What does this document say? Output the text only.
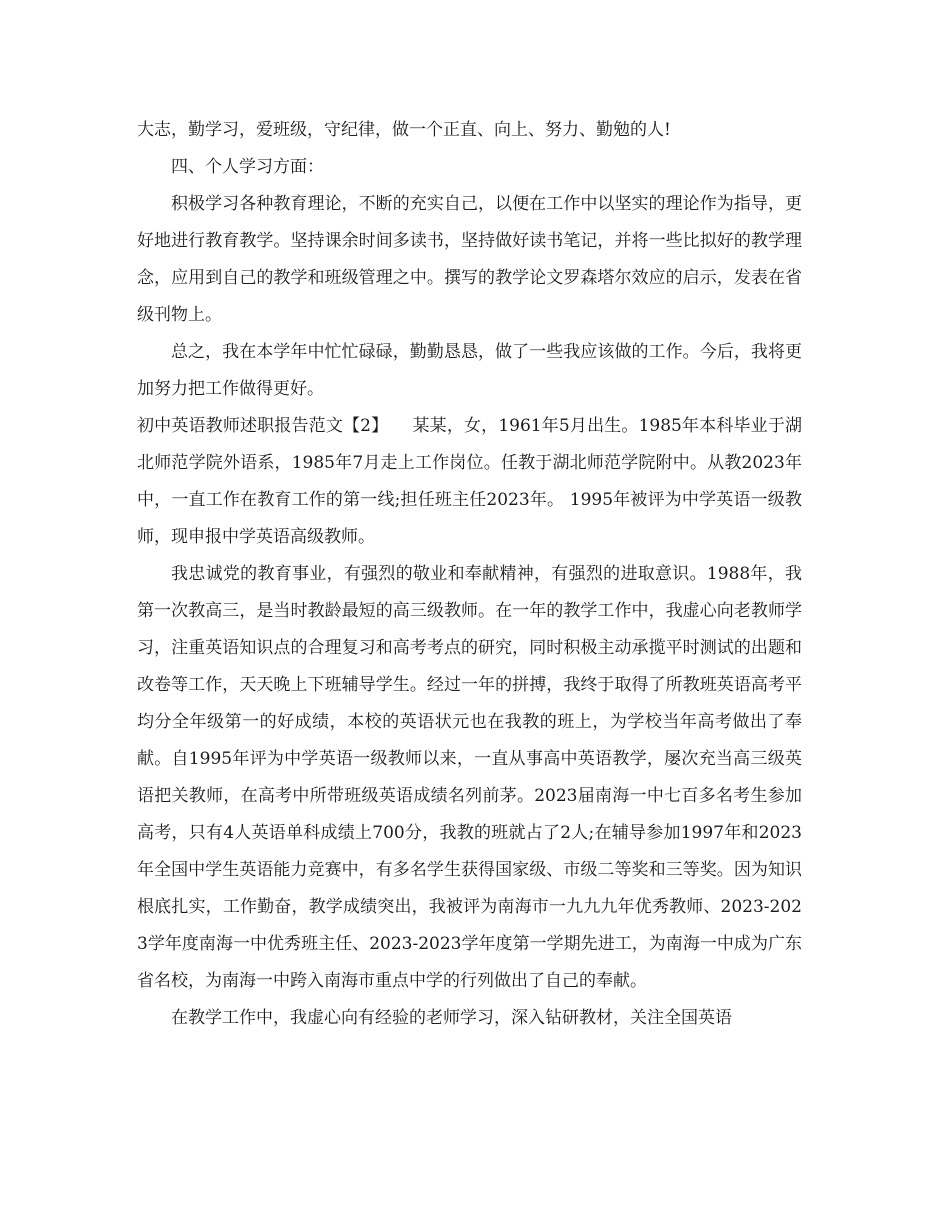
大志，勤学习，爱班级，守纪律，做一个正直、向上、努力、勤勉的人!

四、个人学习方面：

积极学习各种教育理论，不断的充实自己，以便在工作中以坚实的理论作为指导，更好地进行教育教学。坚持课余时间多读书，坚持做好读书笔记，并将一些比拟好的教学理念，应用到自己的教学和班级管理之中。撰写的教学论文罗森塔尔效应的启示，发表在省级刊物上。

总之，我在本学年中忙忙碌碌，勤勤恳恳，做了一些我应该做的工作。今后，我将更加努力把工作做得更好。

初中英语教师述职报告范文【2】 某某，女，1961年5月出生。1985年本科毕业于湖北师范学院外语系，1985年7月走上工作岗位。任教于湖北师范学院附中。从教2023年中，一直工作在教育工作的第一线;担任班主任2023年。 1995年被评为中学英语一级教师，现申报中学英语高级教师。

我忠诚党的教育事业，有强烈的敬业和奉献精神，有强烈的进取意识。1988年，我第一次教高三，是当时教龄最短的高三级教师。在一年的教学工作中，我虚心向老教师学习，注重英语知识点的合理复习和高考考点的研究，同时积极主动承揽平时测试的出题和改卷等工作，天天晚上下班辅导学生。经过一年的拼搏，我终于取得了所教班英语高考平均分全年级第一的好成绩，本校的英语状元也在我教的班上，为学校当年高考做出了奉献。自1995年评为中学英语一级教师以来，一直从事高中英语教学，屡次充当高三级英语把关教师，在高考中所带班级英语成绩名列前茅。2023届南海一中七百多名考生参加高考，只有4人英语单科成绩上700分，我教的班就占了2人;在辅导参加1997年和2023年全国中学生英语能力竞赛中，有多名学生获得国家级、市级二等奖和三等奖。因为知识根底扎实，工作勤奋，教学成绩突出，我被评为南海市一九九九年优秀教师、2023-2023学年度南海一中优秀班主任、2023-2023学年度第一学期先进工，为南海一中成为广东省名校，为南海一中跨入南海市重点中学的行列做出了自己的奉献。

在教学工作中，我虚心向有经验的老师学习，深入钻研教材，关注全国英语
